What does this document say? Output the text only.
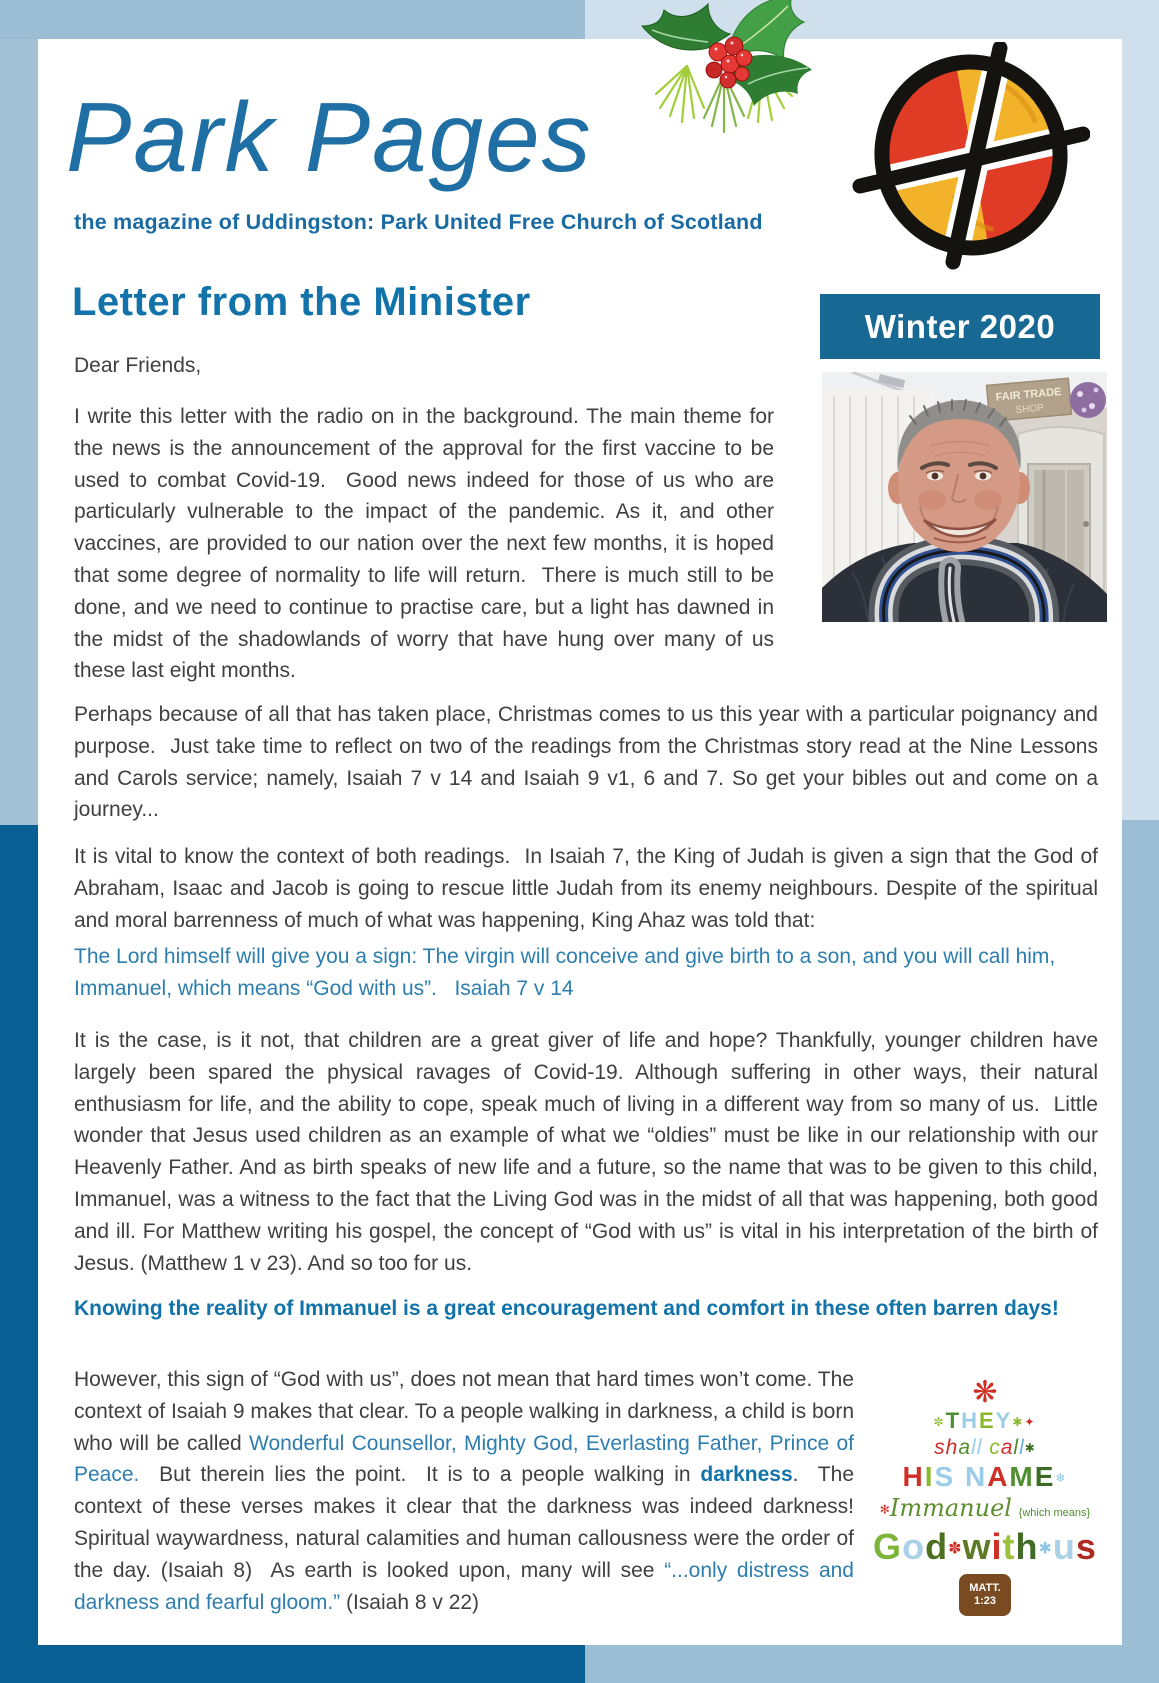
Park Pages
the magazine of Uddingston: Park United Free Church of Scotland
Letter from the Minister
Winter 2020
FAIR TRADE
SHOP

Dear Friends,

I write this letter with the radio on in the background. The main theme for the news is the announcement of the approval for the first vaccine to be used to combat Covid-19.  Good news indeed for those of us who are particularly vulnerable to the impact of the pandemic. As it, and other vaccines, are provided to our nation over the next few months, it is hoped that some degree of normality to life will return.  There is much still to be done, and we need to continue to practise care, but a light has dawned in the midst of the shadowlands of worry that have hung over many of us these last eight months.

Perhaps because of all that has taken place, Christmas comes to us this year with a particular poignancy and purpose.  Just take time to reflect on two of the readings from the Christmas story read at the Nine Lessons and Carols service; namely, Isaiah 7 v 14 and Isaiah 9 v1, 6 and 7. So get your bibles out and come on a journey...

It is vital to know the context of both readings.  In Isaiah 7, the King of Judah is given a sign that the God of Abraham, Isaac and Jacob is going to rescue little Judah from its enemy neighbours. Despite of the spiritual and moral barrenness of much of what was happening, King Ahaz was told that:

The Lord himself will give you a sign: The virgin will conceive and give birth to a son, and you will call him, Immanuel, which means “God with us”.   Isaiah 7 v 14

It is the case, is it not, that children are a great giver of life and hope? Thankfully, younger children have largely been spared the physical ravages of Covid-19. Although suffering in other ways, their natural enthusiasm for life, and the ability to cope, speak much of living in a different way from so many of us.  Little wonder that Jesus used children as an example of what we “oldies” must be like in our relationship with our Heavenly Father. And as birth speaks of new life and a future, so the name that was to be given to this child, Immanuel, was a witness to the fact that the Living God was in the midst of all that was happening, both good and ill. For Matthew writing his gospel, the concept of “God with us” is vital in his interpretation of the birth of Jesus. (Matthew 1 v 23). And so too for us.

Knowing the reality of Immanuel is a great encouragement and comfort in these often barren days!

However, this sign of “God with us”, does not mean that hard times won’t come. The context of Isaiah 9 makes that clear. To a people walking in darkness, a child is born who will be called Wonderful Counsellor, Mighty God, Everlasting Father, Prince of Peace.  But therein lies the point.  It is to a people walking in darkness.  The context of these verses makes it clear that the darkness was indeed darkness! Spiritual waywardness, natural calamities and human callousness were the order of the day. (Isaiah 8)  As earth is looked upon, many will see “...only distress and darkness and fearful gloom.” (Isaiah 8 v 22)

❋
✼THEY✱✦
shall call✱
HIS NAME❄
✻Immanuel {which means}
God✽with✱us
MATT.
1:23
